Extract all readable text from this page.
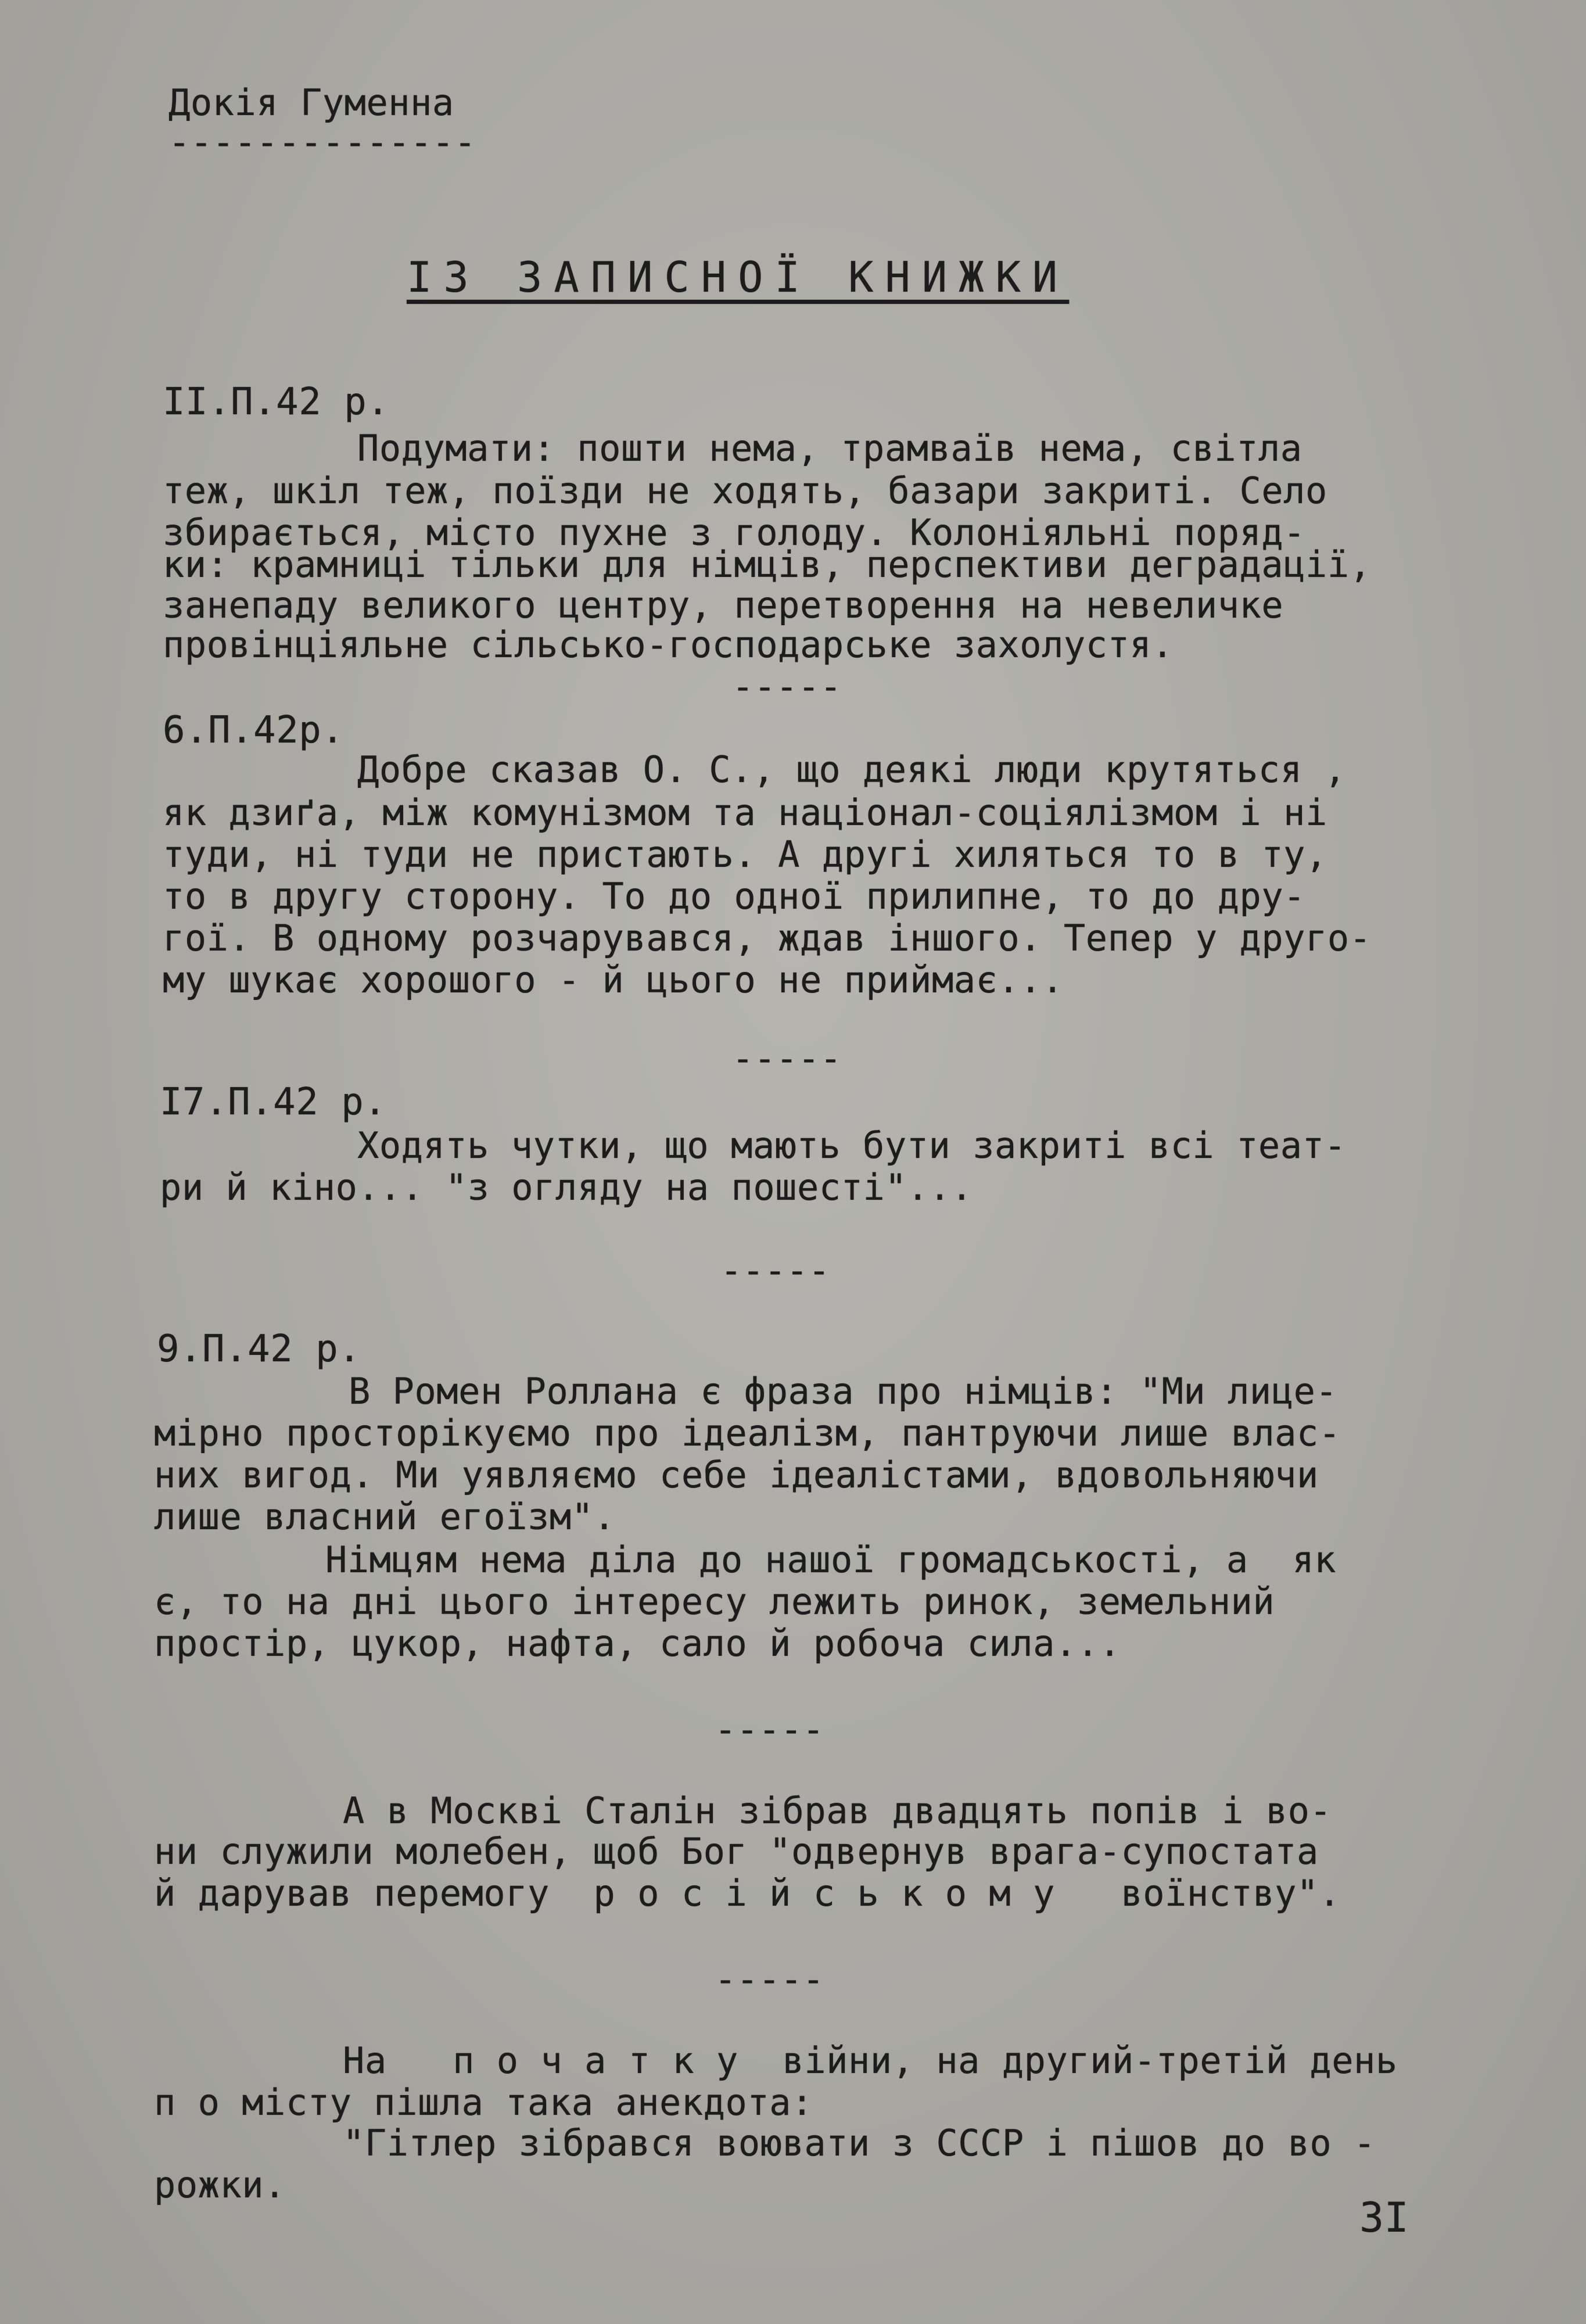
Докія Гуменна
--------------
ІЗ ЗАПИСНОЇ КНИЖКИ
ІІ.П.42 р.
Подумати: пошти нема, трамваїв нема, світла
теж, шкіл теж, поїзди не ходять, базари закриті. Село
збирається, місто пухне з голоду. Колоніяльні поряд-
ки: крамниці тільки для німців, перспективи деградації,
занепаду великого центру, перетворення на невеличке
провінціяльне сільсько-господарське захолустя.
-----
6.П.42р.
Добре сказав О. С., що деякі люди крутяться ,
як дзиґа, між комунізмом та націонал-соціялізмом і ні
туди, ні туди не пристають. А другі хиляться то в ту,
то в другу сторону. То до одної прилипне, то до дру-
гої. В одному розчарувався, ждав іншого. Тепер у друго-
му шукає хорошого - й цього не приймає...
-----
І7.П.42 р.
Ходять чутки, що мають бути закриті всі теат-
ри й кіно... "з огляду на пошесті"...
-----
9.П.42 р.
В Ромен Роллана є фраза про німців: "Ми лице-
мірно просторікуємо про ідеалізм, пантруючи лише влас-
них вигод. Ми уявляємо себе ідеалістами, вдовольняючи
лише власний егоїзм".
Німцям нема діла до нашої громадськості, а  як
є, то на дні цього інтересу лежить ринок, земельний
простір, цукор, нафта, сало й робоча сила...
-----
А в Москві Сталін зібрав двадцять попів і во-
ни служили молебен, щоб Бог "одвернув врага-супостата
й дарував перемогу  р о с і й с ь к о м у   воїнству".
-----
На   п о ч а т к у  війни, на другий-третій день
п о місту пішла така анекдота:
"Гітлер зібрався воювати з СССР і пішов до во -
рожки.
3І
